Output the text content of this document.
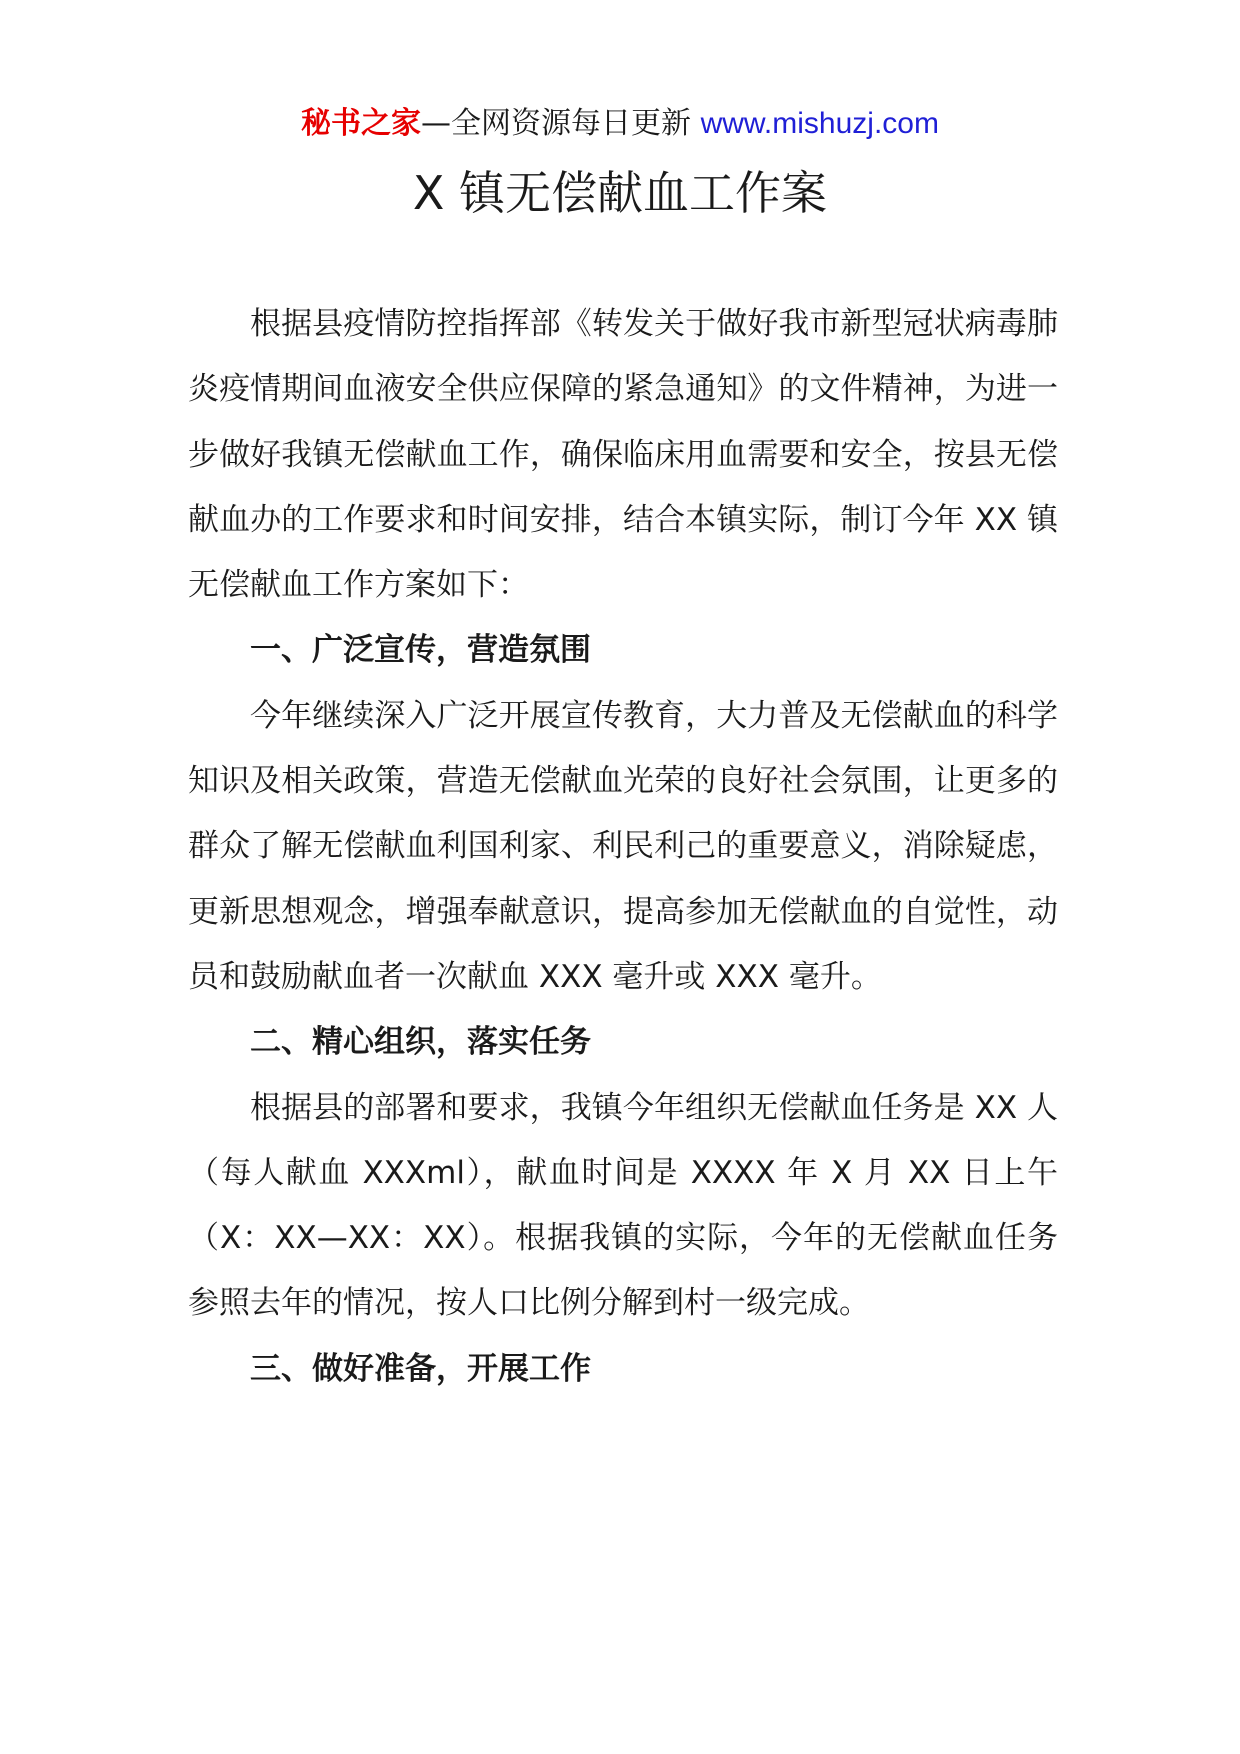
秘书之家—全网资源每日更新 www.mishuzj.com
X 镇无偿献血工作案

根据县疫情防控指挥部《转发关于做好我市新型冠状病毒肺炎疫情期间血液安全供应保障的紧急通知》的文件精神，为进一步做好我镇无偿献血工作，确保临床用血需要和安全，按县无偿献血办的工作要求和时间安排，结合本镇实际，制订今年 XX 镇无偿献血工作方案如下：

一、广泛宣传，营造氛围

今年继续深入广泛开展宣传教育，大力普及无偿献血的科学知识及相关政策，营造无偿献血光荣的良好社会氛围，让更多的群众了解无偿献血利国利家、利民利己的重要意义，消除疑虑，更新思想观念，增强奉献意识，提高参加无偿献血的自觉性，动员和鼓励献血者一次献血 XXX 毫升或 XXX 毫升。

二、精心组织，落实任务

根据县的部署和要求，我镇今年组织无偿献血任务是 XX 人（每人献血 XXXml），献血时间是 XXXX 年 X 月 XX 日上午（X：XX—XX：XX）。根据我镇的实际，今年的无偿献血任务参照去年的情况，按人口比例分解到村一级完成。

三、做好准备，开展工作
